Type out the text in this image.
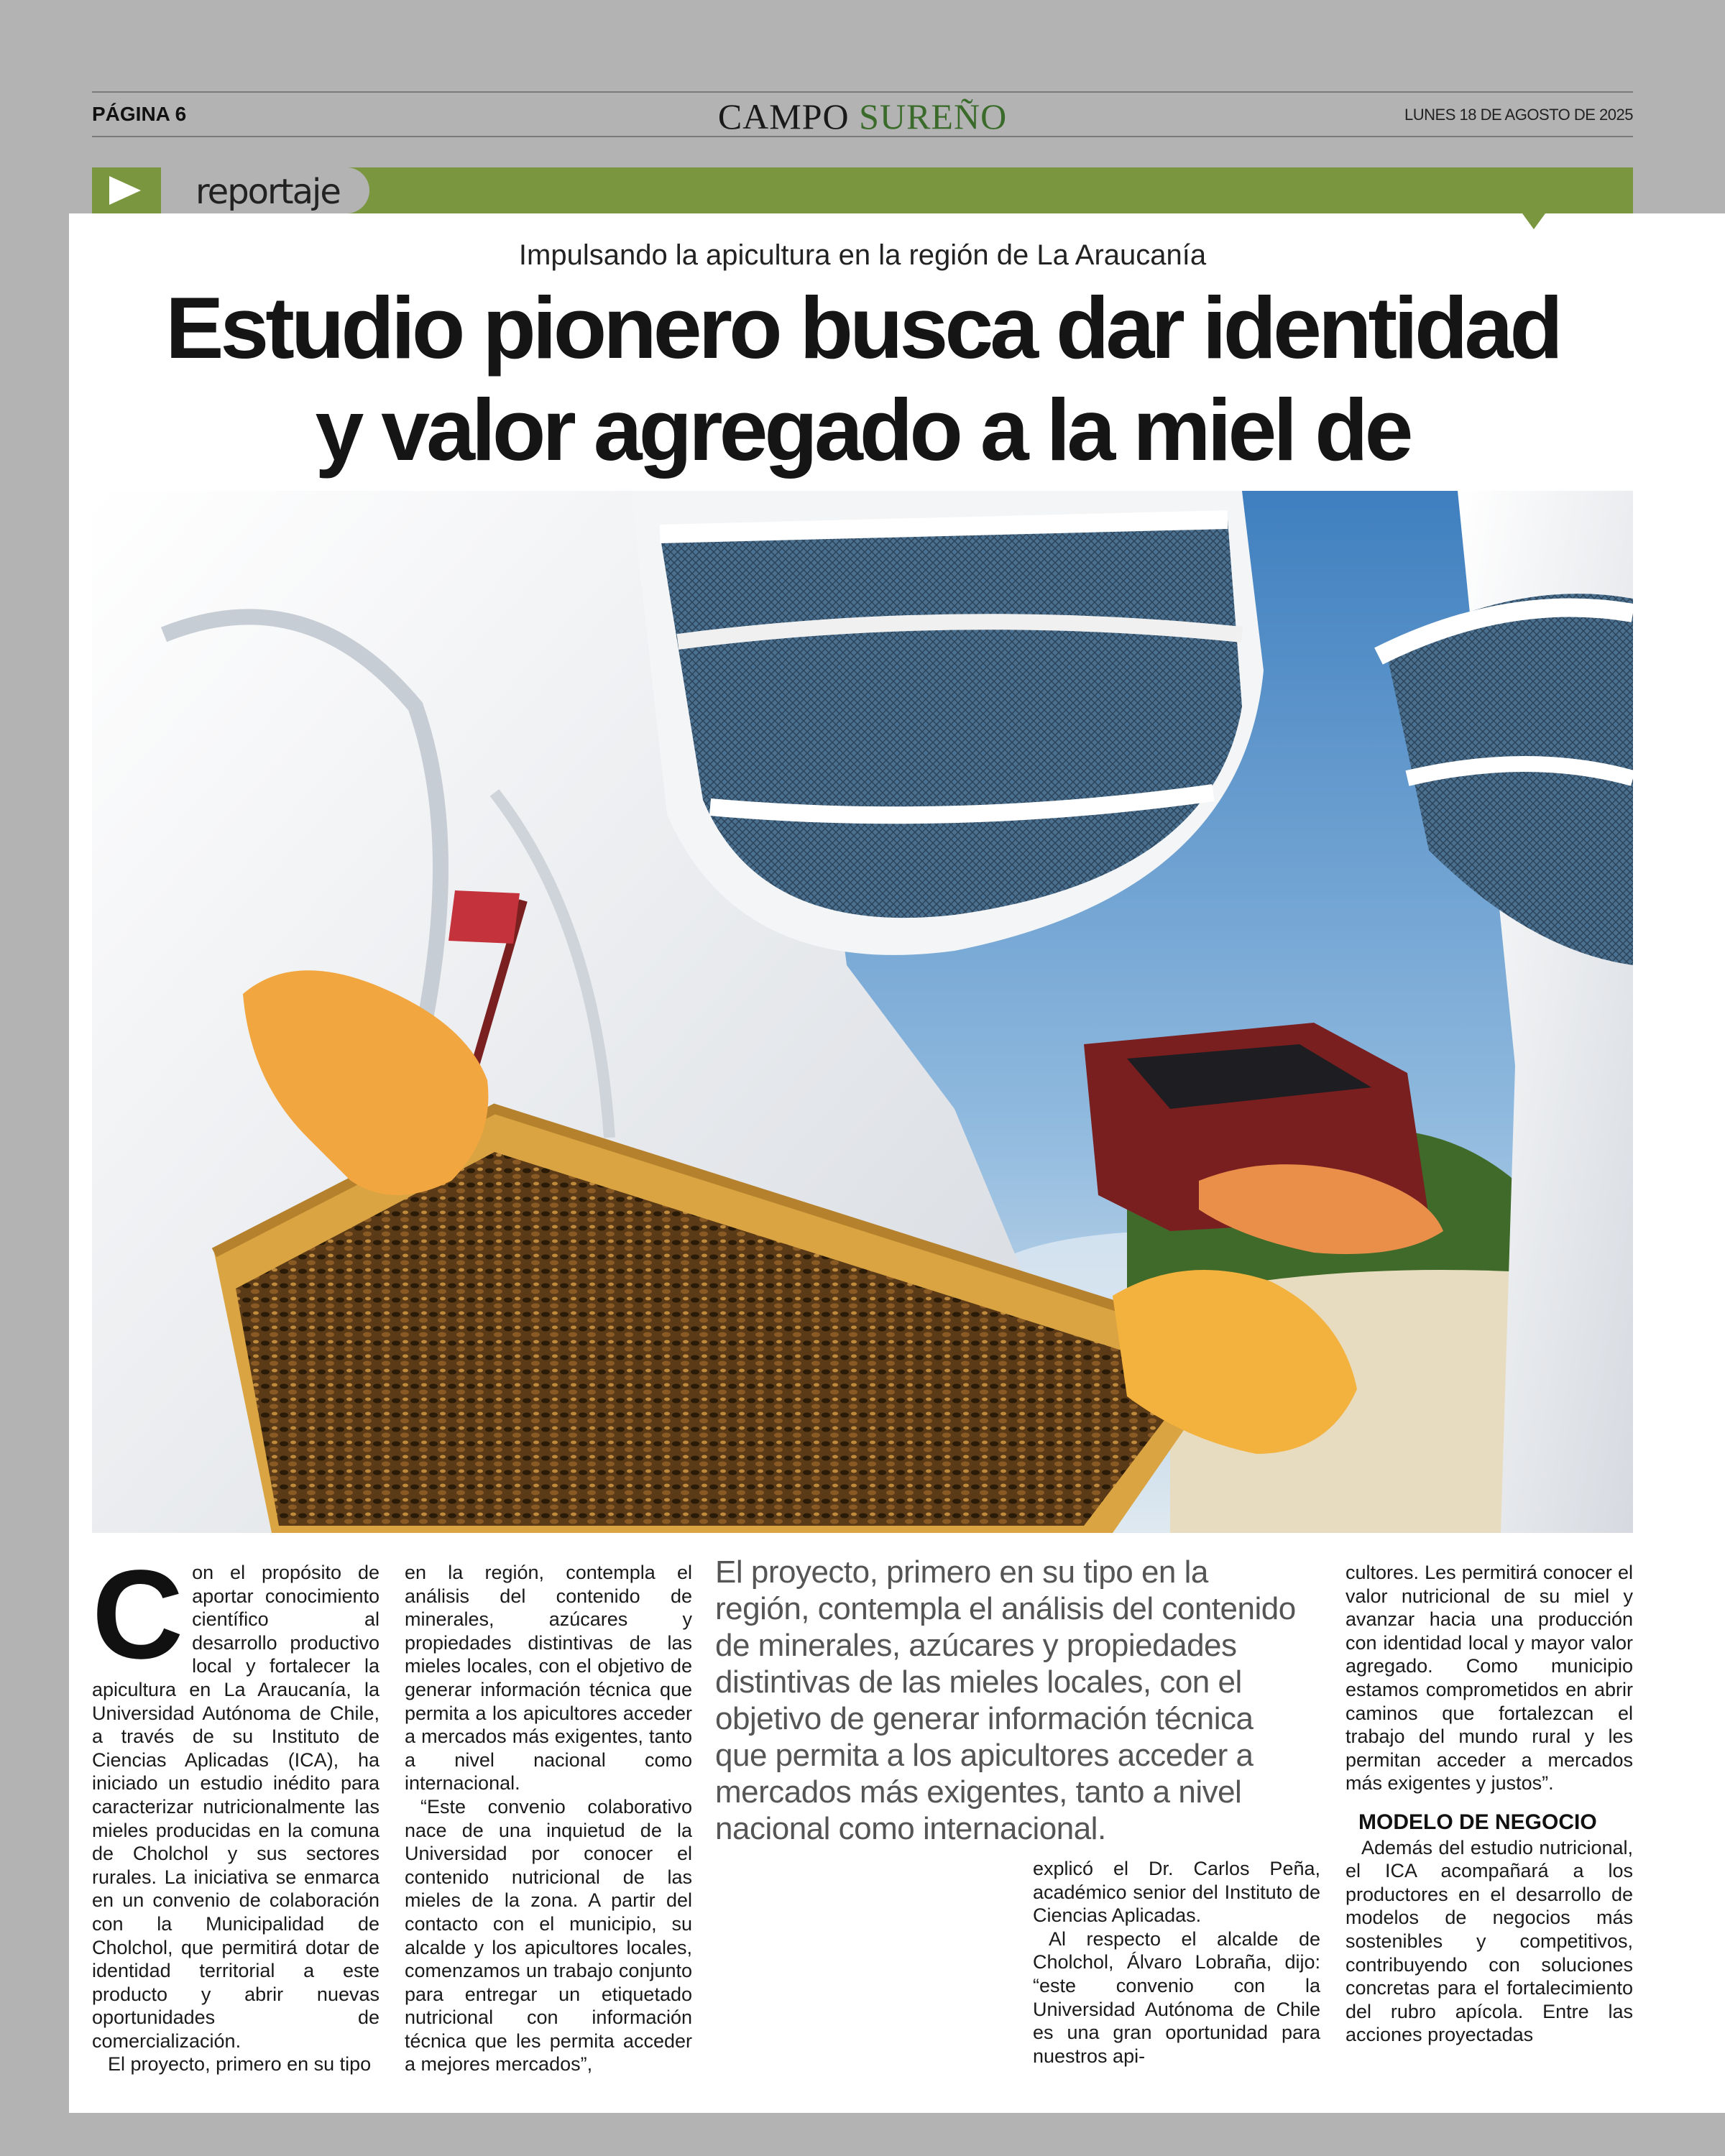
PÁGINA 6	CAMPO SUREÑO	LUNES 18 DE AGOSTO DE 2025
reportaje
Impulsando la apicultura en la región de La Araucanía
Estudio pionero busca dar identidad
y valor agregado a la miel de

Con el propósito de aportar conocimiento científico al desarrollo productivo local y fortalecer la apicultura en La Araucanía, la Universidad Autónoma de Chile, a través de su Instituto de Ciencias Aplicadas (ICA), ha iniciado un estudio inédito para caracterizar nutricionalmente las mieles producidas en la comuna de Cholchol y sus sectores rurales. La iniciativa se enmarca en un convenio de colaboración con la Municipalidad de Cholchol, que permitirá dotar de identidad territorial a este producto y abrir nuevas oportunidades de comercialización.

El proyecto, primero en su tipo

en la región, contempla el análisis del contenido de minerales, azúcares y propiedades distintivas de las mieles locales, con el objetivo de generar información técnica que permita a los apicultores acceder a mercados más exigentes, tanto a nivel nacional como internacional.

“Este convenio colaborativo nace de una inquietud de la Universidad por conocer el contenido nutricional de las mieles de la zona. A partir del contacto con el municipio, su alcalde y los apicultores locales, comenzamos un trabajo conjunto para entregar un etiquetado nutricional con información técnica que les permita acceder a mejores mercados”,

El proyecto, primero en su tipo en la región, contempla el análisis del contenido de minerales, azúcares y propiedades distintivas de las mieles locales, con el objetivo de generar información técnica que permita a los apicultores acceder a mercados más exigentes, tanto a nivel nacional como internacional.

explicó el Dr. Carlos Peña, académico senior del Instituto de Ciencias Aplicadas.

Al respecto el alcalde de Cholchol, Álvaro Lobraña, dijo: “este convenio con la Universidad Autónoma de Chile es una gran oportunidad para nuestros api-

cultores. Les permitirá conocer el valor nutricional de su miel y avanzar hacia una producción con identidad local y mayor valor agregado. Como municipio estamos comprometidos en abrir caminos que fortalezcan el trabajo del mundo rural y les permitan acceder a mercados más exigentes y justos”.

MODELO DE NEGOCIO

Además del estudio nutricional, el ICA acompañará a los productores en el desarrollo de modelos de negocios más sostenibles y competitivos, contribuyendo con soluciones concretas para el fortalecimiento del rubro apícola. Entre las acciones proyectadas
